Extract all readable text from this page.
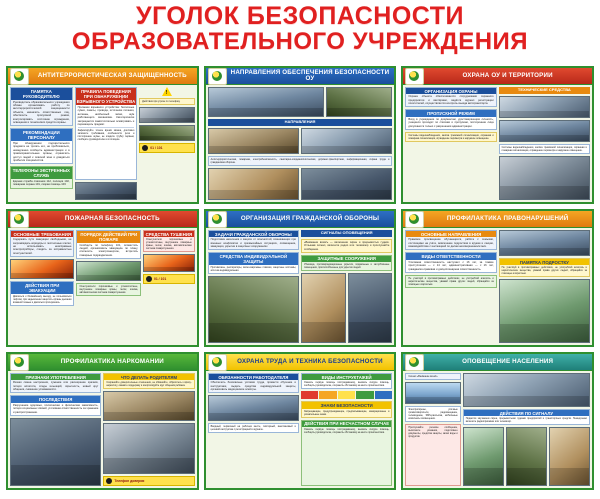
УГОЛОК БЕЗОПАСНОСТИ
ОБРАЗОВАТЕЛЬНОГО УЧРЕЖДЕНИЯ
АНТИТЕРРОРИСТИЧЕСКАЯ ЗАЩИЩЕННОСТЬ
ПАМЯТКА РУКОВОДИТЕЛЮ
Руководитель образовательного учреждения обязан организовать работу по антитеррористической защищенности объекта, назначить ответственных лиц, обеспечить пропускной режим, контролировать состояние ограждения, освещения и технических средств охраны.
РЕКОМЕНДАЦИИ ПЕРСОНАЛУ
При обнаружении подозрительного предмета не трогать его, не приближаться, немедленно сообщить администрации и в правоохранительные органы, ограничить доступ людей к опасной зоне и дождаться прибытия специалистов.
ТЕЛЕФОНЫ ЭКСТРЕННЫХ СЛУЖБ
Единая служба спасения 112, полиция 102, пожарная охрана 101, скорая помощь 103
ПРАВИЛА ПОВЕДЕНИЯ ПРИ ОБНАРУЖЕНИИ ВЗРЫВНОГО УСТРОЙСТВА
Признаки взрывного устройства: бесхозные сумки, пакеты, провода, источники питания, антенны, необычный запах, шум работающего механизма. Категорически запрещается самостоятельно осматривать и перемещать предмет.
Зафиксируйте точное время звонка, дословно запишите требования, особенности речи и посторонние шумы, не кладите трубку первым, сообщите руководителю и в полицию.
!
Действия при угрозе по телефону
01 / 101
НАПРАВЛЕНИЯ ОБЕСПЕЧЕНИЯ БЕЗОПАСНОСТИ ОУ
НАПРАВЛЕНИЯ
Антитеррористическая, пожарная, электробезопасность, санитарно-эпидемиологическая, дорожно-транспортная, информационная, охрана труда и гражданская оборона.
ОХРАНА ОУ И ТЕРРИТОРИИ
ОРГАНИЗАЦИЯ ОХРАНЫ
Охрана объекта обеспечивается сотрудниками охранного предприятия и вахтёрами, ведётся журнал регистрации посетителей, осуществляется контроль въезда автотранспорта.
ПРОПУСКНОЙ РЕЖИМ
Вход в учреждение по документам, удостоверяющим личность, учащиеся проходят по спискам и пропускам, посторонние лица допускаются только с разрешения администрации.
Системы видеонаблюдения, кнопка тревожной сигнализации, охранная и пожарная сигнализация, ограждение периметра и наружное освещение.
ТЕХНИЧЕСКИЕ СРЕДСТВА
Системы видеонаблюдения, кнопка тревожной сигнализации, охранная и пожарная сигнализация, ограждение периметра и наружное освещение.
ПОЖАРНАЯ БЕЗОПАСНОСТЬ
ОСНОВНЫЕ ТРЕБОВАНИЯ
Содержать пути эвакуации свободными, не загромождать коридоры и лестничные клетки, не использовать неисправные электроприборы, следить за исправностью огнетушителей.
ДЕЙСТВИЯ ПРИ ЭВАКУАЦИИ
Двигаться к ближайшему выходу, не пользоваться лифтом, при задымлении защитить органы дыхания влажной тканью и двигаться пригнувшись.
ПОРЯДОК ДЕЙСТВИЙ ПРИ ПОЖАРЕ
Сообщить по телефону 101, оповестить людей, организовать эвакуацию по плану, отключить электроэнергию, встретить пожарные подразделения.
Огнетушители порошковые и углекислотные, внутренние пожарные краны, песок, кошма, автоматическая система пожаротушения.
СРЕДСТВА ТУШЕНИЯ
Огнетушители порошковые и углекислотные, внутренние пожарные краны, песок, кошма, автоматическая система пожаротушения.
01 / 101
ОРГАНИЗАЦИЯ ГРАЖДАНСКОЙ ОБОРОНЫ
ЗАДАЧИ ГРАЖДАНСКОЙ ОБОРОНЫ
Подготовка населения к защите от опасностей, возникающих при военных конфликтах и чрезвычайных ситуациях, оповещение, эвакуация, укрытие в защитных сооружениях.
СРЕДСТВА ИНДИВИДУАЛЬНОЙ ЗАЩИТЫ
Противогазы, респираторы, ватно-марлевые повязки, защитные костюмы, аптечка индивидуальная.
СИГНАЛЫ ОПОВЕЩЕНИЯ
«Внимание всем!» — включение сирен и прерывистых гудков. Услышав сигнал, включите радио или телевизор и прослушайте сообщение.
ЗАЩИТНЫЕ СООРУЖЕНИЯ
Убежища, противорадиационные укрытия, подвальные и заглублённые помещения, приспособленные для укрытия людей.
ПРОФИЛАКТИКА ПРАВОНАРУШЕНИЙ
ОСНОВНЫЕ НАПРАВЛЕНИЯ
Правовое просвещение обучающихся, работа с семьями, состоящими на учёте, вовлечение подростков в кружки и секции, взаимодействие с инспекцией по делам несовершеннолетних.
ВИДЫ ОТВЕТСТВЕННОСТИ
Уголовная ответственность наступает с 16 лет, за тяжкие преступления — с 14 лет, административная — с 16 лет, гражданско-правовая и дисциплинарная ответственность.
Не участвуй в противоправных действиях, не употребляй алкоголь и наркотические вещества, уважай права других людей, обращайся за помощью к взрослым.
ПАМЯТКА ПОДРОСТКУ
Не участвуй в противоправных действиях, не употребляй алкоголь и наркотические вещества, уважай права других людей, обращайся за помощью к взрослым.
ПРОФИЛАКТИКА НАРКОМАНИИ
ПРИЗНАКИ УПОТРЕБЛЕНИЯ
Резкая смена настроения, сужение или расширение зрачков, потеря аппетита, следы инъекций, скрытность, новый круг общения, снижение успеваемости.
ПОСЛЕДСТВИЯ
Разрушение здоровья, психическая и физическая зависимость, потеря социальных связей, уголовная ответственность за хранение и распространение.
ЧТО ДЕЛАТЬ РОДИТЕЛЯМ
Сохраняйте доверительные отношения, не обвиняйте, обратитесь к врачу-наркологу, окажите поддержку и контролируйте круг общения ребёнка.
Телефон доверия
ОХРАНА ТРУДА И ТЕХНИКА БЕЗОПАСНОСТИ
ОБЯЗАННОСТИ РАБОТОДАТЕЛЯ
Обеспечить безопасные условия труда, провести обучение и инструктажи, выдать средства индивидуальной защиты, организовать медицинские осмотры.
Вводный, первичный на рабочем месте, повторный, внеплановый и целевой инструктаж с регистрацией в журнале.
ВИДЫ ИНСТРУКТАЖЕЙ
Оказать первую помощь пострадавшему, вызвать скорую помощь, сообщить руководителю, сохранить обстановку на месте происшествия.
ЗНАКИ БЕЗОПАСНОСТИ
Запрещающие, предупреждающие, предписывающие, эвакуационные и указательные знаки.
ДЕЙСТВИЯ ПРИ НЕСЧАСТНОМ СЛУЧАЕ
Оказать первую помощь пострадавшему, вызвать скорую помощь, сообщить руководителю, сохранить обстановку на месте происшествия.
ОПОВЕЩЕНИЕ НАСЕЛЕНИЯ
Сигнал «Внимание всем!»
Электросирены, уличные громкоговорители, радиовещание, телевидение, SMS-рассылка, мобильные комплексы оповещения.
Прослушайте речевое сообщение, выполните указания, подготовьте документы, средства защиты, запас воды и продуктов.
ДЕЙСТВИЯ ПО СИГНАЛУ
Подаётся звучанием сирен, прерывистыми гудками предприятий и транспортных средств. Немедленно включите радиоприёмник или телевизор.
